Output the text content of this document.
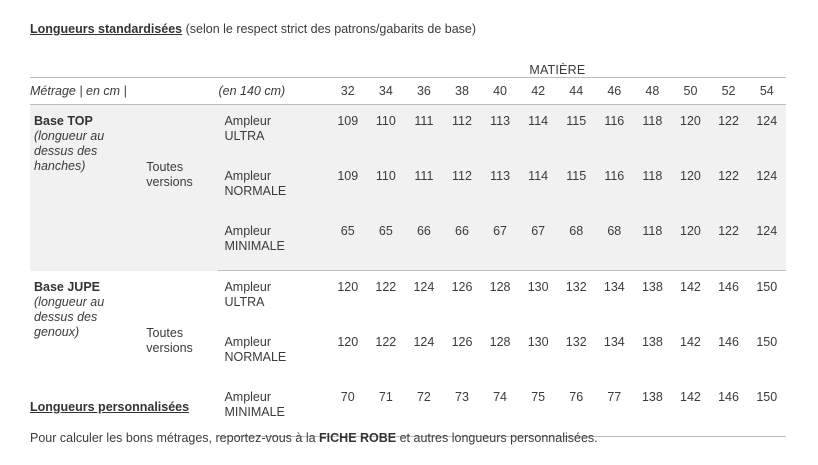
Longueurs standardisées (selon le respect strict des patrons/gabarits de base)
			MATIÈRE											
Métrage | en cm |		(en 140 cm)	32	34	36	38	40	42	44	46	48	50	52	54

Base TOP
(longueur au
dessus des
hanches)	Toutes
versions	Ampleur
ULTRA	109	110	111	112	113	114	115	116	118	120	122	124

		Ampleur
NORMALE	109	110	111	112	113	114	115	116	118	120	122	124

		Ampleur
MINIMALE	65	65	66	66	67	67	68	68	118	120	122	124

Base JUPE
(longueur au
dessus des
genoux)	Toutes
versions	Ampleur
ULTRA	120	122	124	126	128	130	132	134	138	142	146	150

		Ampleur
NORMALE	120	122	124	126	128	130	132	134	138	142	146	150

		Ampleur
MINIMALE	70	71	72	73	74	75	76	77	138	142	146	150
Longueurs personnalisées
Pour calculer les bons métrages, reportez-vous à la FICHE ROBE et autres longueurs personnalisées.
